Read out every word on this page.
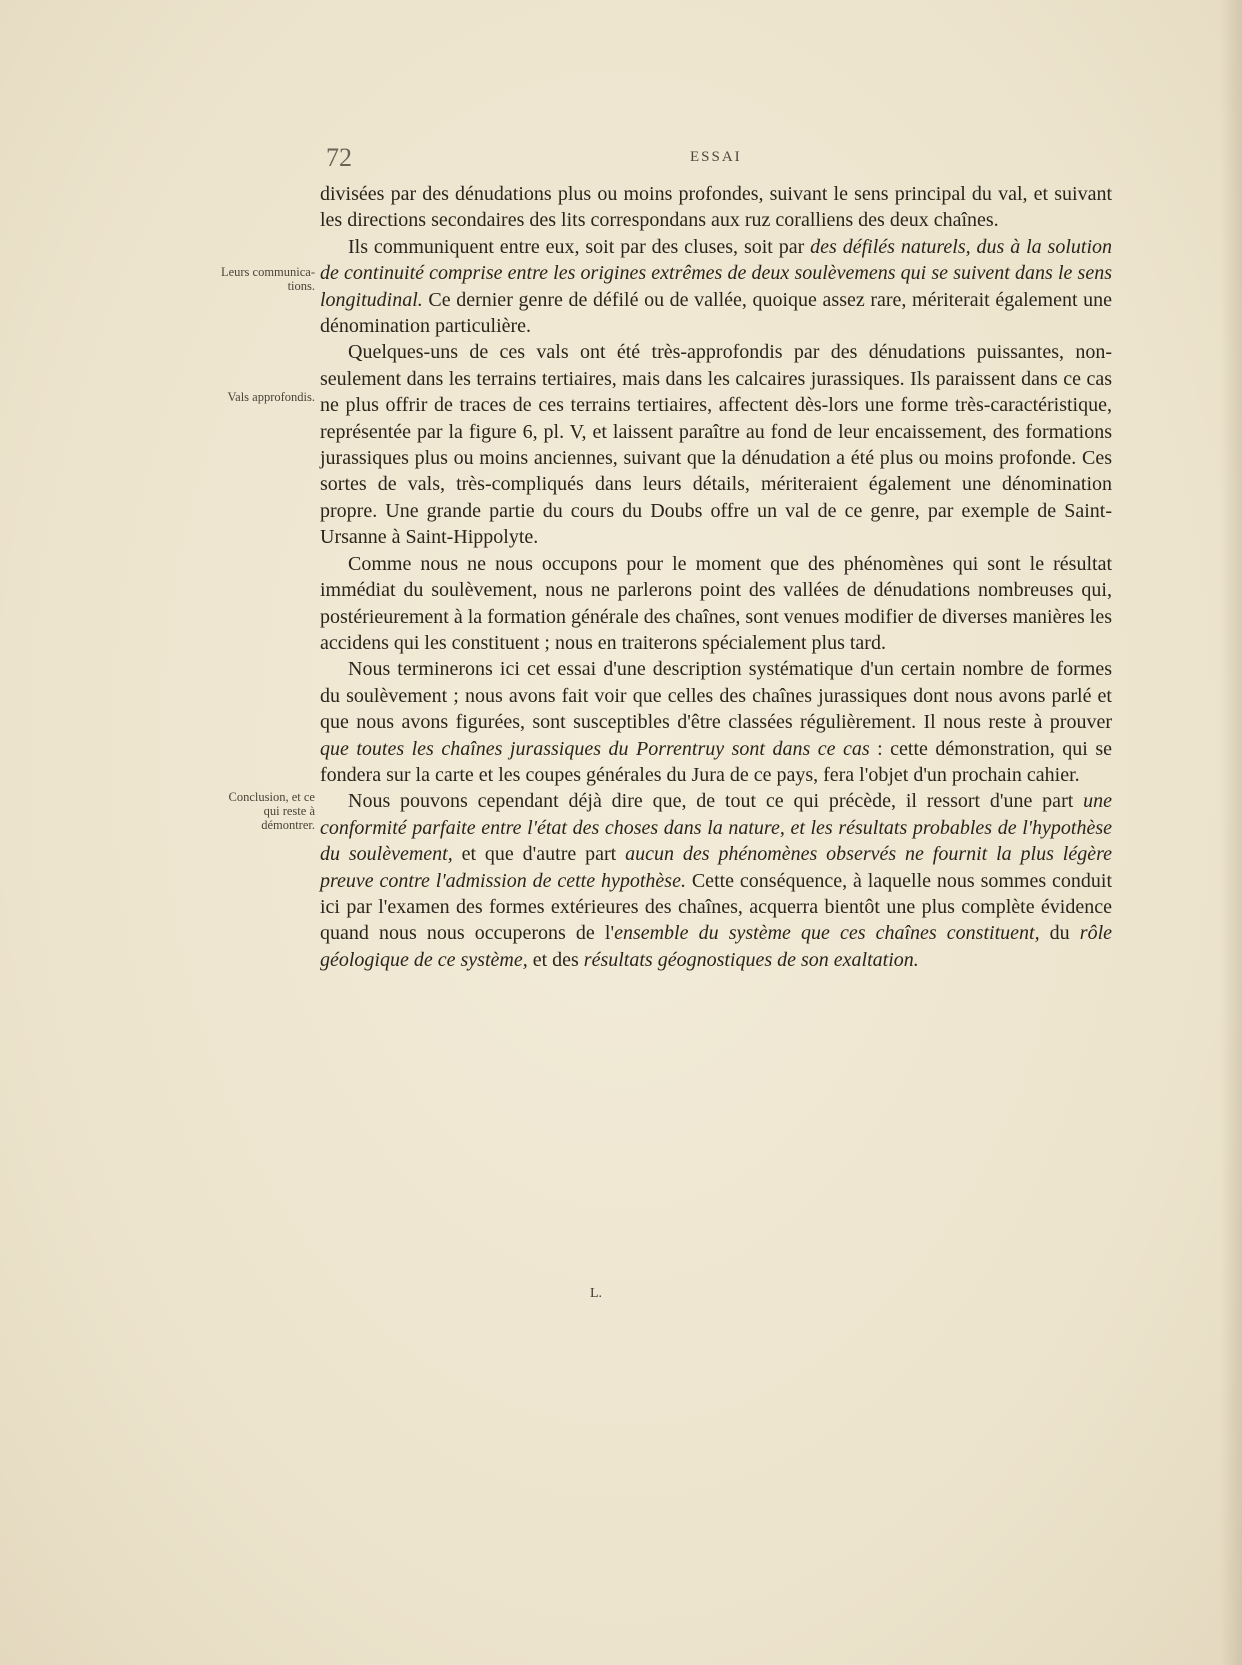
72	ESSAI
Leurs communica-tions.
Vals approfondis.
Conclusion, et ce qui reste à démontrer.

divisées par des dénudations plus ou moins profondes, suivant le sens principal du val, et suivant les directions secondaires des lits correspondans aux ruz coralliens des deux chaînes.

Ils communiquent entre eux, soit par des cluses, soit par des défilés naturels, dus à la solution de continuité comprise entre les origines extrêmes de deux soulèvemens qui se suivent dans le sens longitudinal. Ce dernier genre de défilé ou de vallée, quoique assez rare, mériterait également une dénomination particulière.

Quelques-uns de ces vals ont été très-approfondis par des dénudations puissantes, non-seulement dans les terrains tertiaires, mais dans les calcaires jurassiques. Ils paraissent dans ce cas ne plus offrir de traces de ces terrains tertiaires, affectent dès-lors une forme très-caractéristique, représentée par la figure 6, pl. V, et laissent paraître au fond de leur encaissement, des formations jurassiques plus ou moins anciennes, suivant que la dénudation a été plus ou moins profonde. Ces sortes de vals, très-compliqués dans leurs détails, mériteraient également une dénomination propre. Une grande partie du cours du Doubs offre un val de ce genre, par exemple de Saint-Ursanne à Saint-Hippolyte.

Comme nous ne nous occupons pour le moment que des phénomènes qui sont le résultat immédiat du soulèvement, nous ne parlerons point des vallées de dénudations nombreuses qui, postérieurement à la formation générale des chaînes, sont venues modifier de diverses manières les accidens qui les constituent ; nous en traiterons spécialement plus tard.

Nous terminerons ici cet essai d'une description systématique d'un certain nombre de formes du soulèvement ; nous avons fait voir que celles des chaînes jurassiques dont nous avons parlé et que nous avons figurées, sont susceptibles d'être classées régulièrement. Il nous reste à prouver que toutes les chaînes jurassiques du Porrentruy sont dans ce cas : cette démonstration, qui se fondera sur la carte et les coupes générales du Jura de ce pays, fera l'objet d'un prochain cahier.

Nous pouvons cependant déjà dire que, de tout ce qui précède, il ressort d'une part une conformité parfaite entre l'état des choses dans la nature, et les résultats probables de l'hypothèse du soulèvement, et que d'autre part aucun des phénomènes observés ne fournit la plus légère preuve contre l'admission de cette hypothèse. Cette conséquence, à laquelle nous sommes conduit ici par l'examen des formes extérieures des chaînes, acquerra bientôt une plus complète évidence quand nous nous occuperons de l'ensemble du système que ces chaînes constituent, du rôle géologique de ce système, et des résultats géognostiques de son exaltation.

L.
